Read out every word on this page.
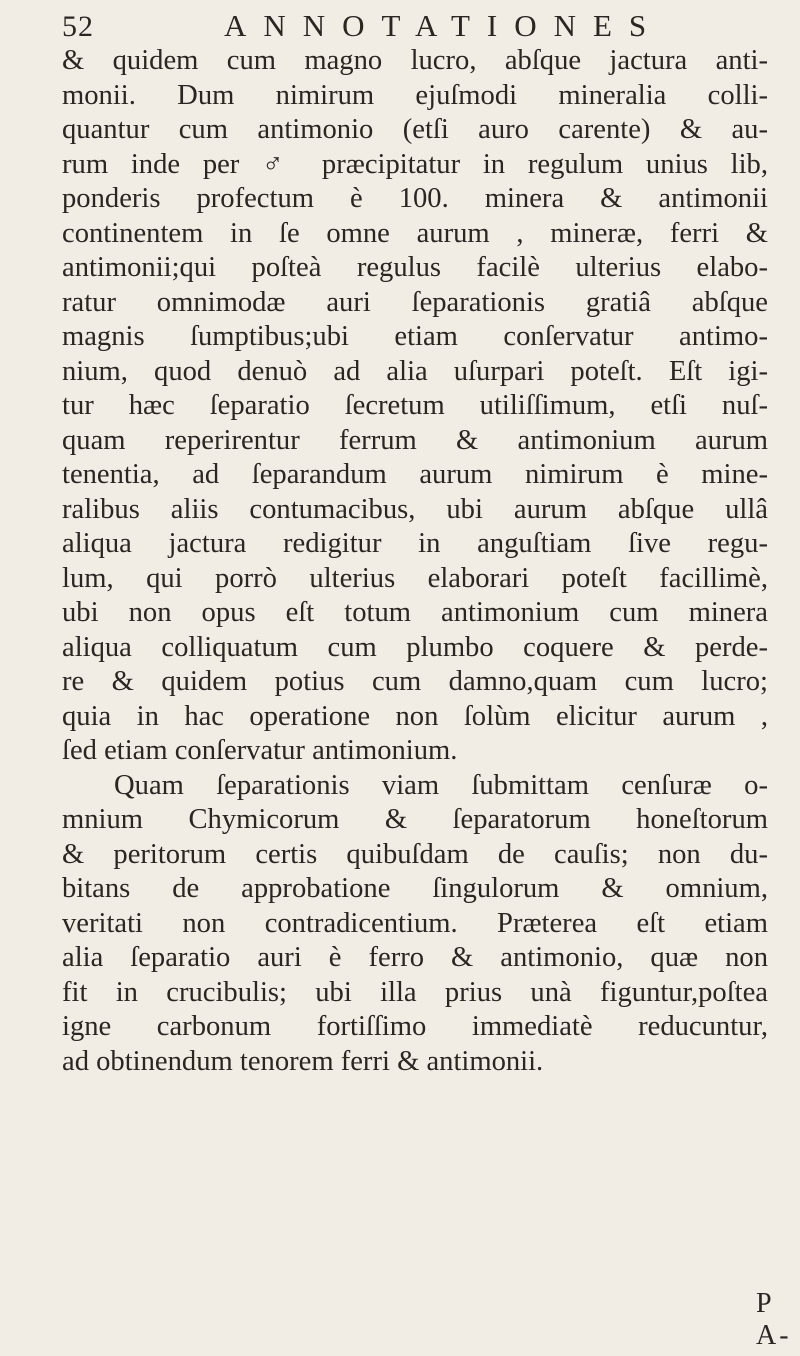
52	ANNOTATIONES
& quidem cum magno lucro, abſque jactura anti-
monii. Dum nimirum ejuſmodi mineralia colli-
quantur cum antimonio (etſi auro carente) & au-
rum inde per ♂ præcipitatur in regulum unius lib,
ponderis profectum è 100. minera & antimonii
continentem in ſe omne aurum , mineræ, ferri &
antimonii;qui poſteà regulus facilè ulterius elabo-
ratur omnimodæ auri ſeparationis gratiâ abſque
magnis ſumptibus;ubi etiam conſervatur antimo-
nium, quod denuò ad alia uſurpari poteſt. Eſt igi-
tur hæc ſeparatio ſecretum utiliſſimum, etſi nuſ-
quam reperirentur ferrum & antimonium aurum
tenentia, ad ſeparandum aurum nimirum è mine-
ralibus aliis contumacibus, ubi aurum abſque ullâ
aliqua jactura redigitur in anguſtiam ſive regu-
lum, qui porrò ulterius elaborari poteſt facillimè,
ubi non opus eſt totum antimonium cum minera
aliqua colliquatum cum plumbo coquere & perde-
re & quidem potius cum damno,quam cum lucro;
quia in hac operatione non ſolùm elicitur aurum ,
ſed etiam conſervatur antimonium.
Quam ſeparationis viam ſubmittam cenſuræ o-
mnium Chymicorum & ſeparatorum honeſtorum
& peritorum certis quibuſdam de cauſis; non du-
bitans de approbatione ſingulorum & omnium,
veritati non contradicentium. Præterea eſt etiam
alia ſeparatio auri è ferro & antimonio, quæ non
fit in crucibulis; ubi illa prius unà figuntur,poſtea
igne carbonum fortiſſimo immediatè reducuntur,
ad obtinendum tenorem ferri & antimonii.
P A-
